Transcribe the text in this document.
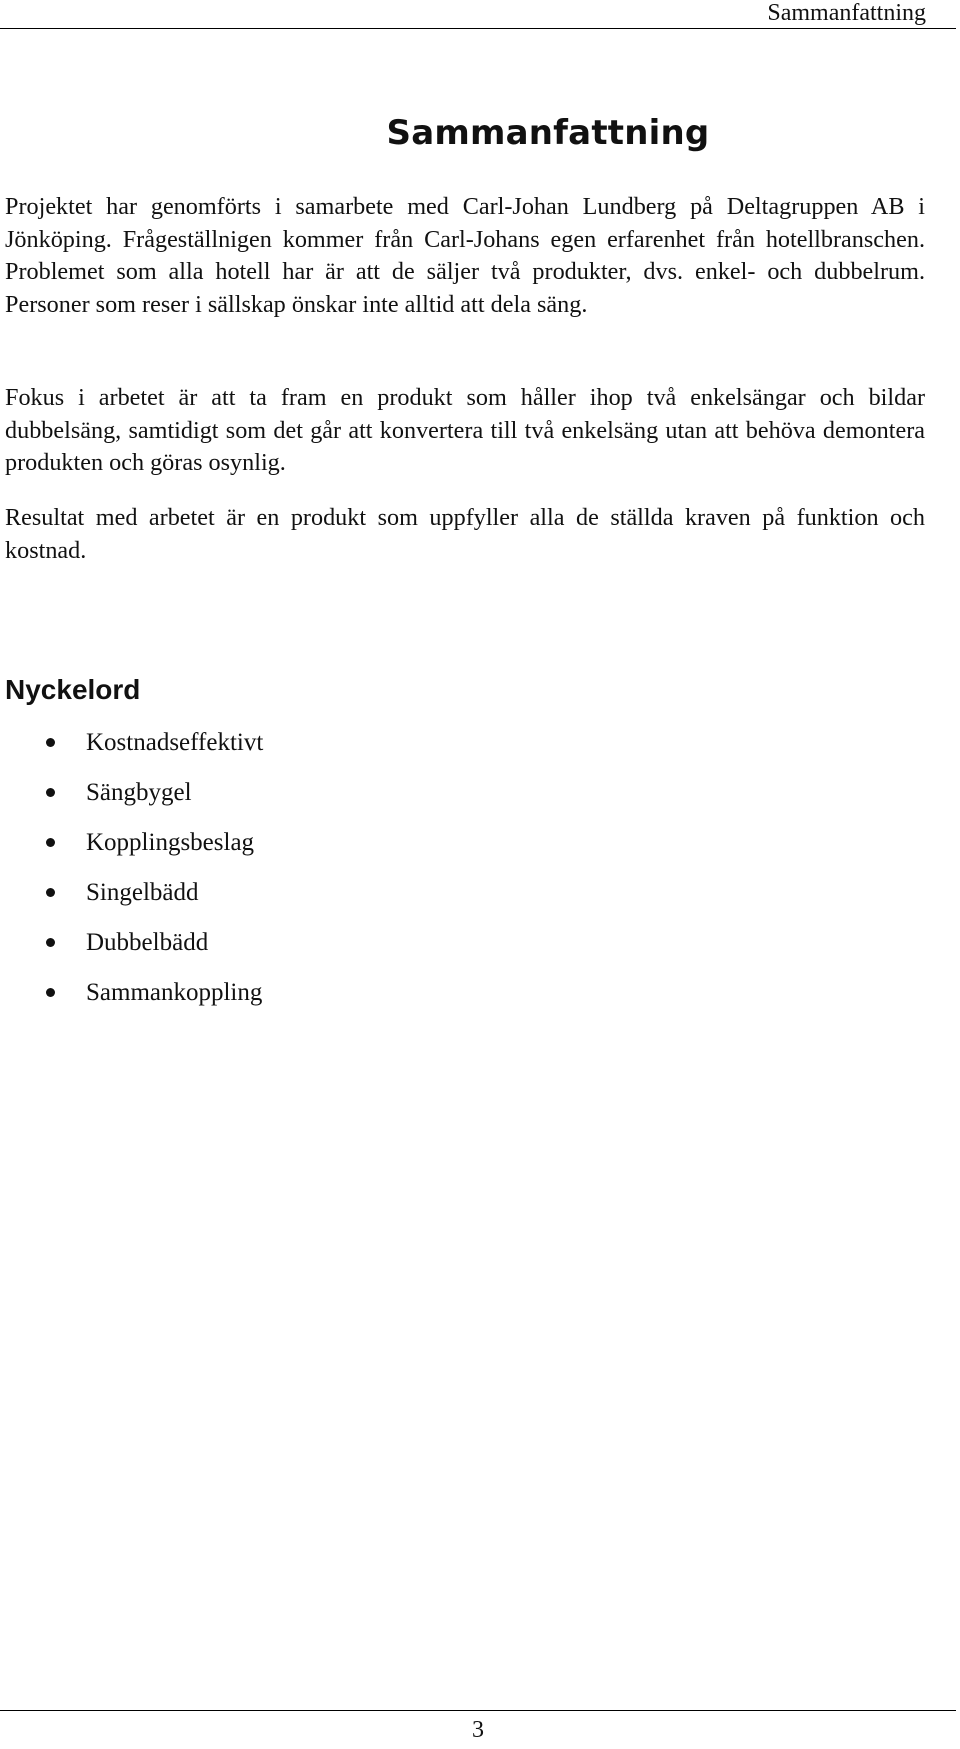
Sammanfattning
Sammanfattning

Projektet har genomförts i samarbete med Carl-Johan Lundberg på Deltagruppen AB i Jönköping. Frågeställnigen kommer från Carl-Johans egen erfarenhet från hotellbranschen. Problemet som alla hotell har är att de säljer två produkter, dvs. enkel- och dubbelrum. Personer som reser i sällskap önskar inte alltid att dela säng.

Fokus i arbetet är att ta fram en produkt som håller ihop två enkelsängar och bildar dubbelsäng, samtidigt som det går att konvertera till två enkelsäng utan att behöva demontera produkten och göras osynlig.

Resultat med arbetet är en produkt som uppfyller alla de ställda kraven på funktion och kostnad.

Nyckelord
Kostnadseffektivt
Sängbygel
Kopplingsbeslag
Singelbädd
Dubbelbädd
Sammankoppling
3
